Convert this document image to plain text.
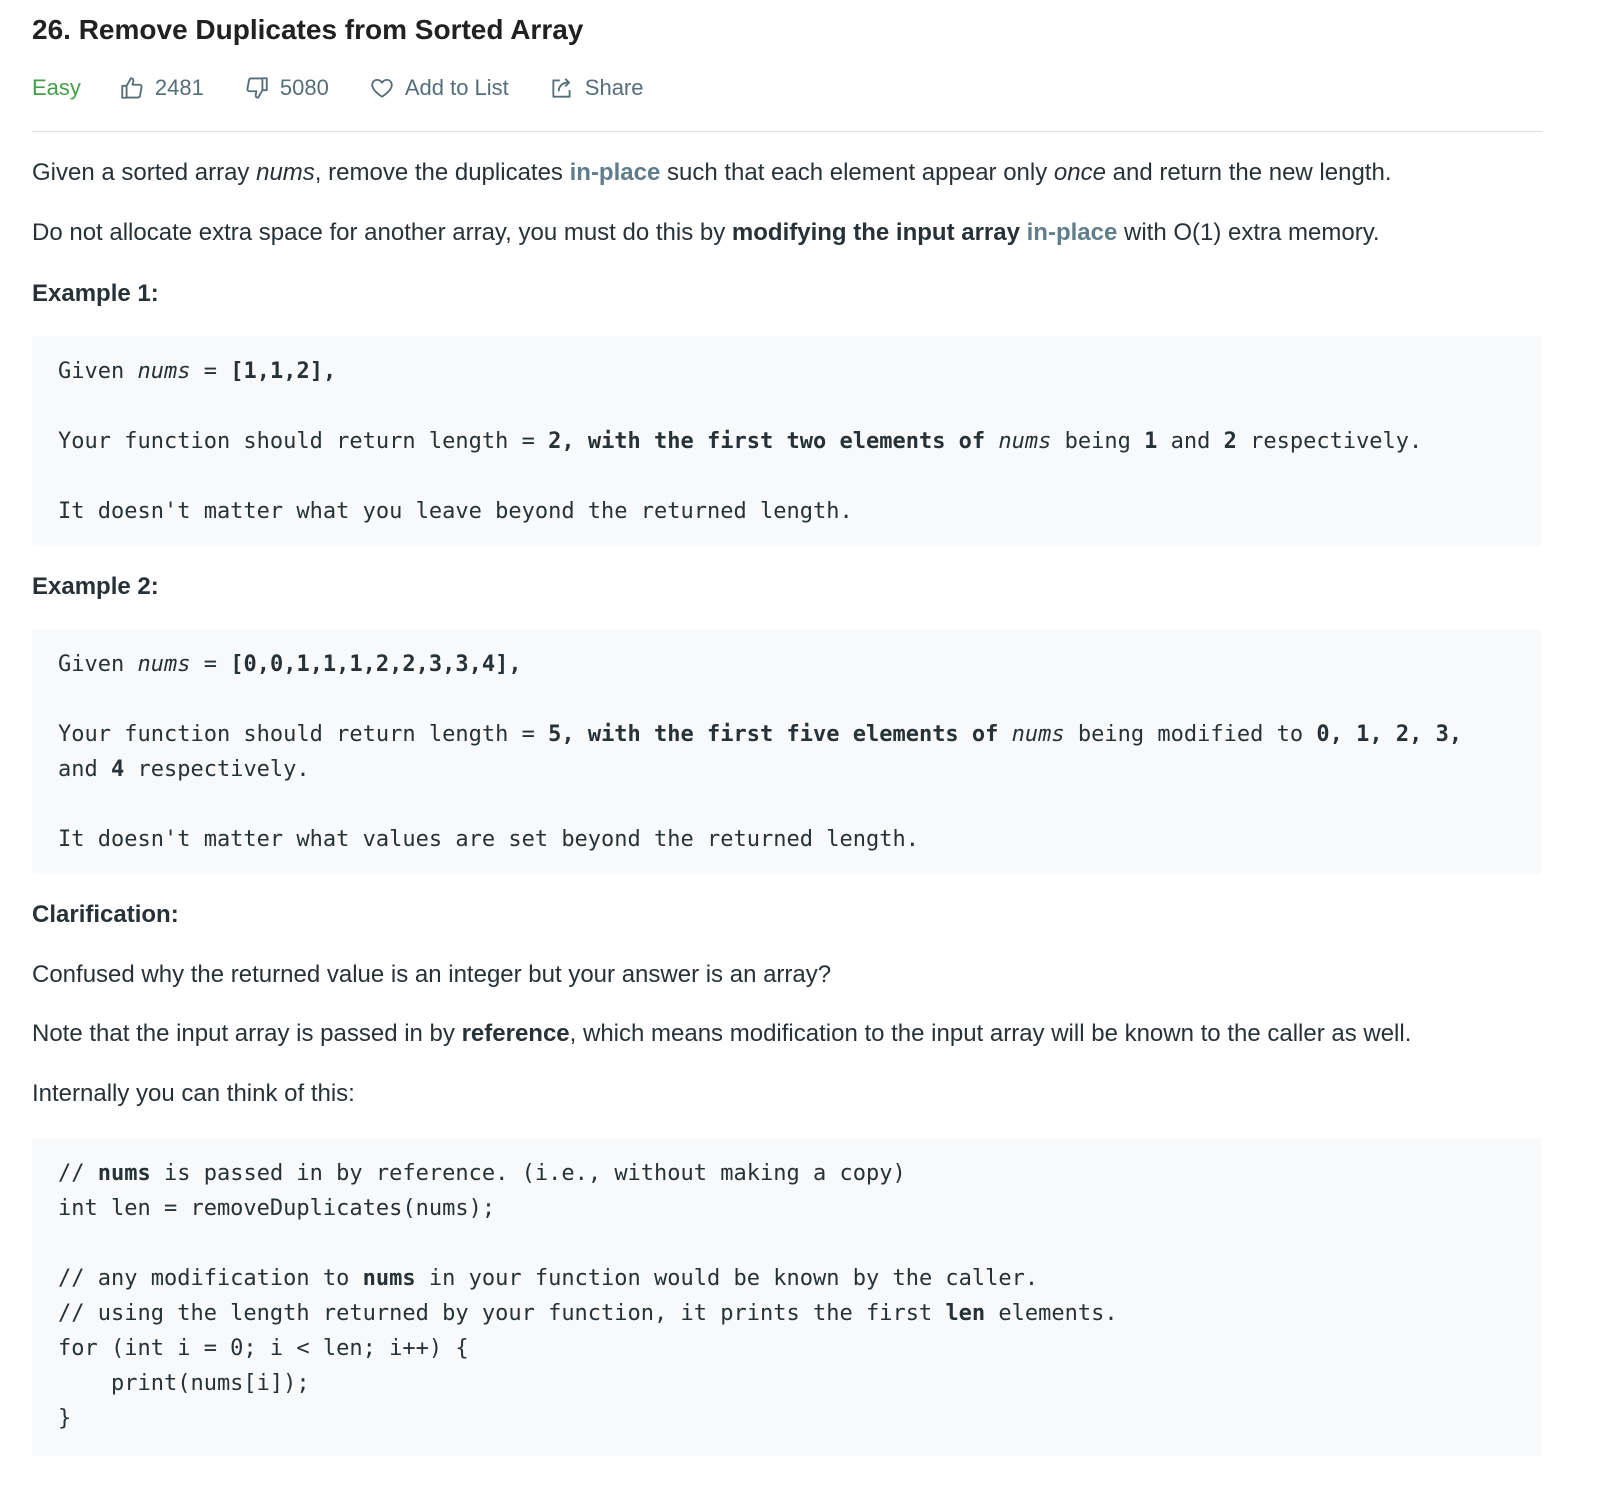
26. Remove Duplicates from Sorted Array
Easy	2481	5080	Add to List	Share
Given a sorted array nums, remove the duplicates in-place such that each element appear only once and return the new length.
Do not allocate extra space for another array, you must do this by modifying the input array in-place with O(1) extra memory.
Example 1:
Given nums = [1,1,2],
Your function should return length = 2, with the first two elements of nums being 1 and 2 respectively.
It doesn't matter what you leave beyond the returned length.
Example 2:
Given nums = [0,0,1,1,1,2,2,3,3,4],
Your function should return length = 5, with the first five elements of nums being modified to 0, 1, 2, 3,
and 4 respectively.
It doesn't matter what values are set beyond the returned length.
Clarification:
Confused why the returned value is an integer but your answer is an array?
Note that the input array is passed in by reference, which means modification to the input array will be known to the caller as well.
Internally you can think of this:
// nums is passed in by reference. (i.e., without making a copy)
int len = removeDuplicates(nums);
// any modification to nums in your function would be known by the caller.
// using the length returned by your function, it prints the first len elements.
for (int i = 0; i < len; i++) {
print(nums[i]);
}
